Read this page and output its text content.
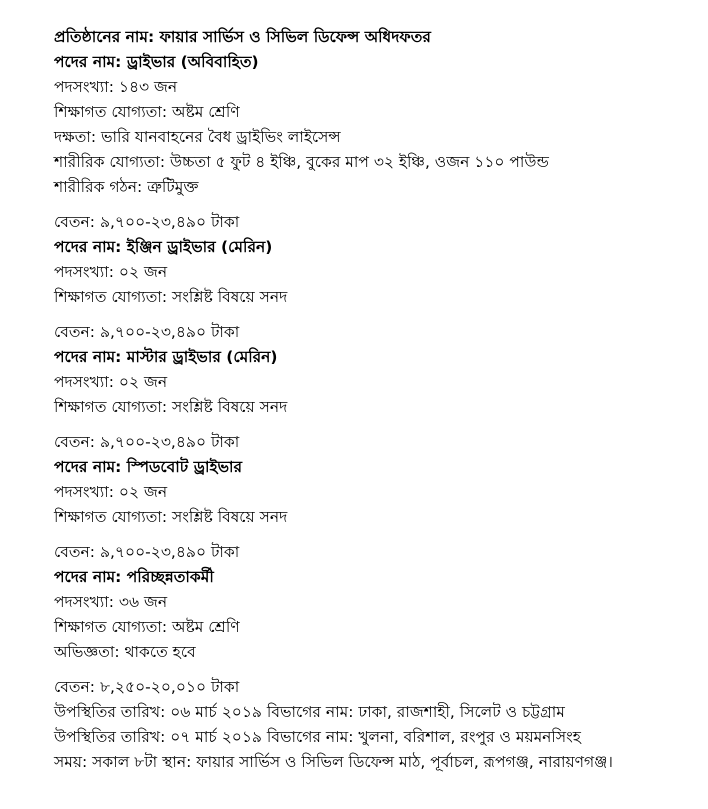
প্রতিষ্ঠানের নাম: ফায়ার সার্ভিস ও সিভিল ডিফেন্স অধিদফতর
পদের নাম: ড্রাইভার (অবিবাহিত)
পদসংখ্যা: ১৪৩ জন
শিক্ষাগত যোগ্যতা: অষ্টম শ্রেণি
দক্ষতা: ভারি যানবাহনের বৈধ ড্রাইভিং লাইসেন্স
শারীরিক যোগ্যতা: উচ্চতা ৫ ফুট ৪ ইঞ্চি, বুকের মাপ ৩২ ইঞ্চি, ওজন ১১০ পাউন্ড
শারীরিক গঠন: ত্রুটিমুক্ত
বেতন: ৯,৭০০-২৩,৪৯০ টাকা
পদের নাম: ইঞ্জিন ড্রাইভার (মেরিন)
পদসংখ্যা: ০২ জন
শিক্ষাগত যোগ্যতা: সংশ্লিষ্ট বিষয়ে সনদ
বেতন: ৯,৭০০-২৩,৪৯০ টাকা
পদের নাম: মাস্টার ড্রাইভার (মেরিন)
পদসংখ্যা: ০২ জন
শিক্ষাগত যোগ্যতা: সংশ্লিষ্ট বিষয়ে সনদ
বেতন: ৯,৭০০-২৩,৪৯০ টাকা
পদের নাম: স্পিডবোট ড্রাইভার
পদসংখ্যা: ০২ জন
শিক্ষাগত যোগ্যতা: সংশ্লিষ্ট বিষয়ে সনদ
বেতন: ৯,৭০০-২৩,৪৯০ টাকা
পদের নাম: পরিচ্ছন্নতাকর্মী
পদসংখ্যা: ৩৬ জন
শিক্ষাগত যোগ্যতা: অষ্টম শ্রেণি
অভিজ্ঞতা: থাকতে হবে
বেতন: ৮,২৫০-২০,০১০ টাকা
উপস্থিতির তারিখ: ০৬ মার্চ ২০১৯ বিভাগের নাম: ঢাকা, রাজশাহী, সিলেট ও চট্টগ্রাম
উপস্থিতির তারিখ: ০৭ মার্চ ২০১৯ বিভাগের নাম: খুলনা, বরিশাল, রংপুর ও ময়মনসিংহ
সময়: সকাল ৮টা স্থান: ফায়ার সার্ভিস ও সিভিল ডিফেন্স মাঠ, পূর্বাচল, রূপগঞ্জ, নারায়ণগঞ্জ।
